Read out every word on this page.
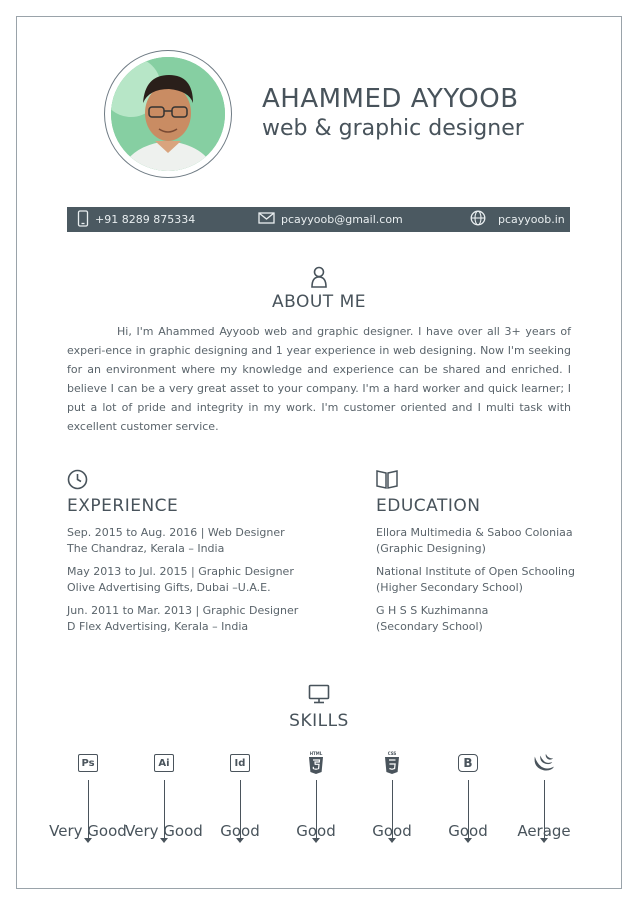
AHAMMED AYYOOB
web & graphic designer
+91 8289 875334	pcayyoob@gmail.com	pcayyoob.in
ABOUT ME
Hi, I'm Ahammed Ayyoob web and graphic designer. I have over all 3+ years of experi-ence in graphic designing and 1 year experience in web designing. Now I'm seeking for an environment where my knowledge and experience can be shared and enriched. I believe I can be a very great asset to your company. I'm a hard worker and quick learner; I put a lot of pride and integrity in my work. I'm customer oriented and I multi task with excellent customer service.
EXPERIENCE
Sep. 2015 to Aug. 2016 | Web Designer
The Chandraz, Kerala – India
May 2013 to Jul. 2015 | Graphic Designer
Olive Advertising Gifts, Dubai –U.A.E.
Jun. 2011 to Mar. 2013 | Graphic Designer
D Flex Advertising, Kerala – India
EDUCATION
Ellora Multimedia & Saboo Coloniaa
(Graphic Designing)
National Institute of Open Schooling
(Higher Secondary School)
G H S S Kuzhimanna
(Secondary School)
SKILLS
Ps
Very Good
Ai
Very Good
Id
Good
HTML
Good
CSS
Good
B
Good	Aerage
